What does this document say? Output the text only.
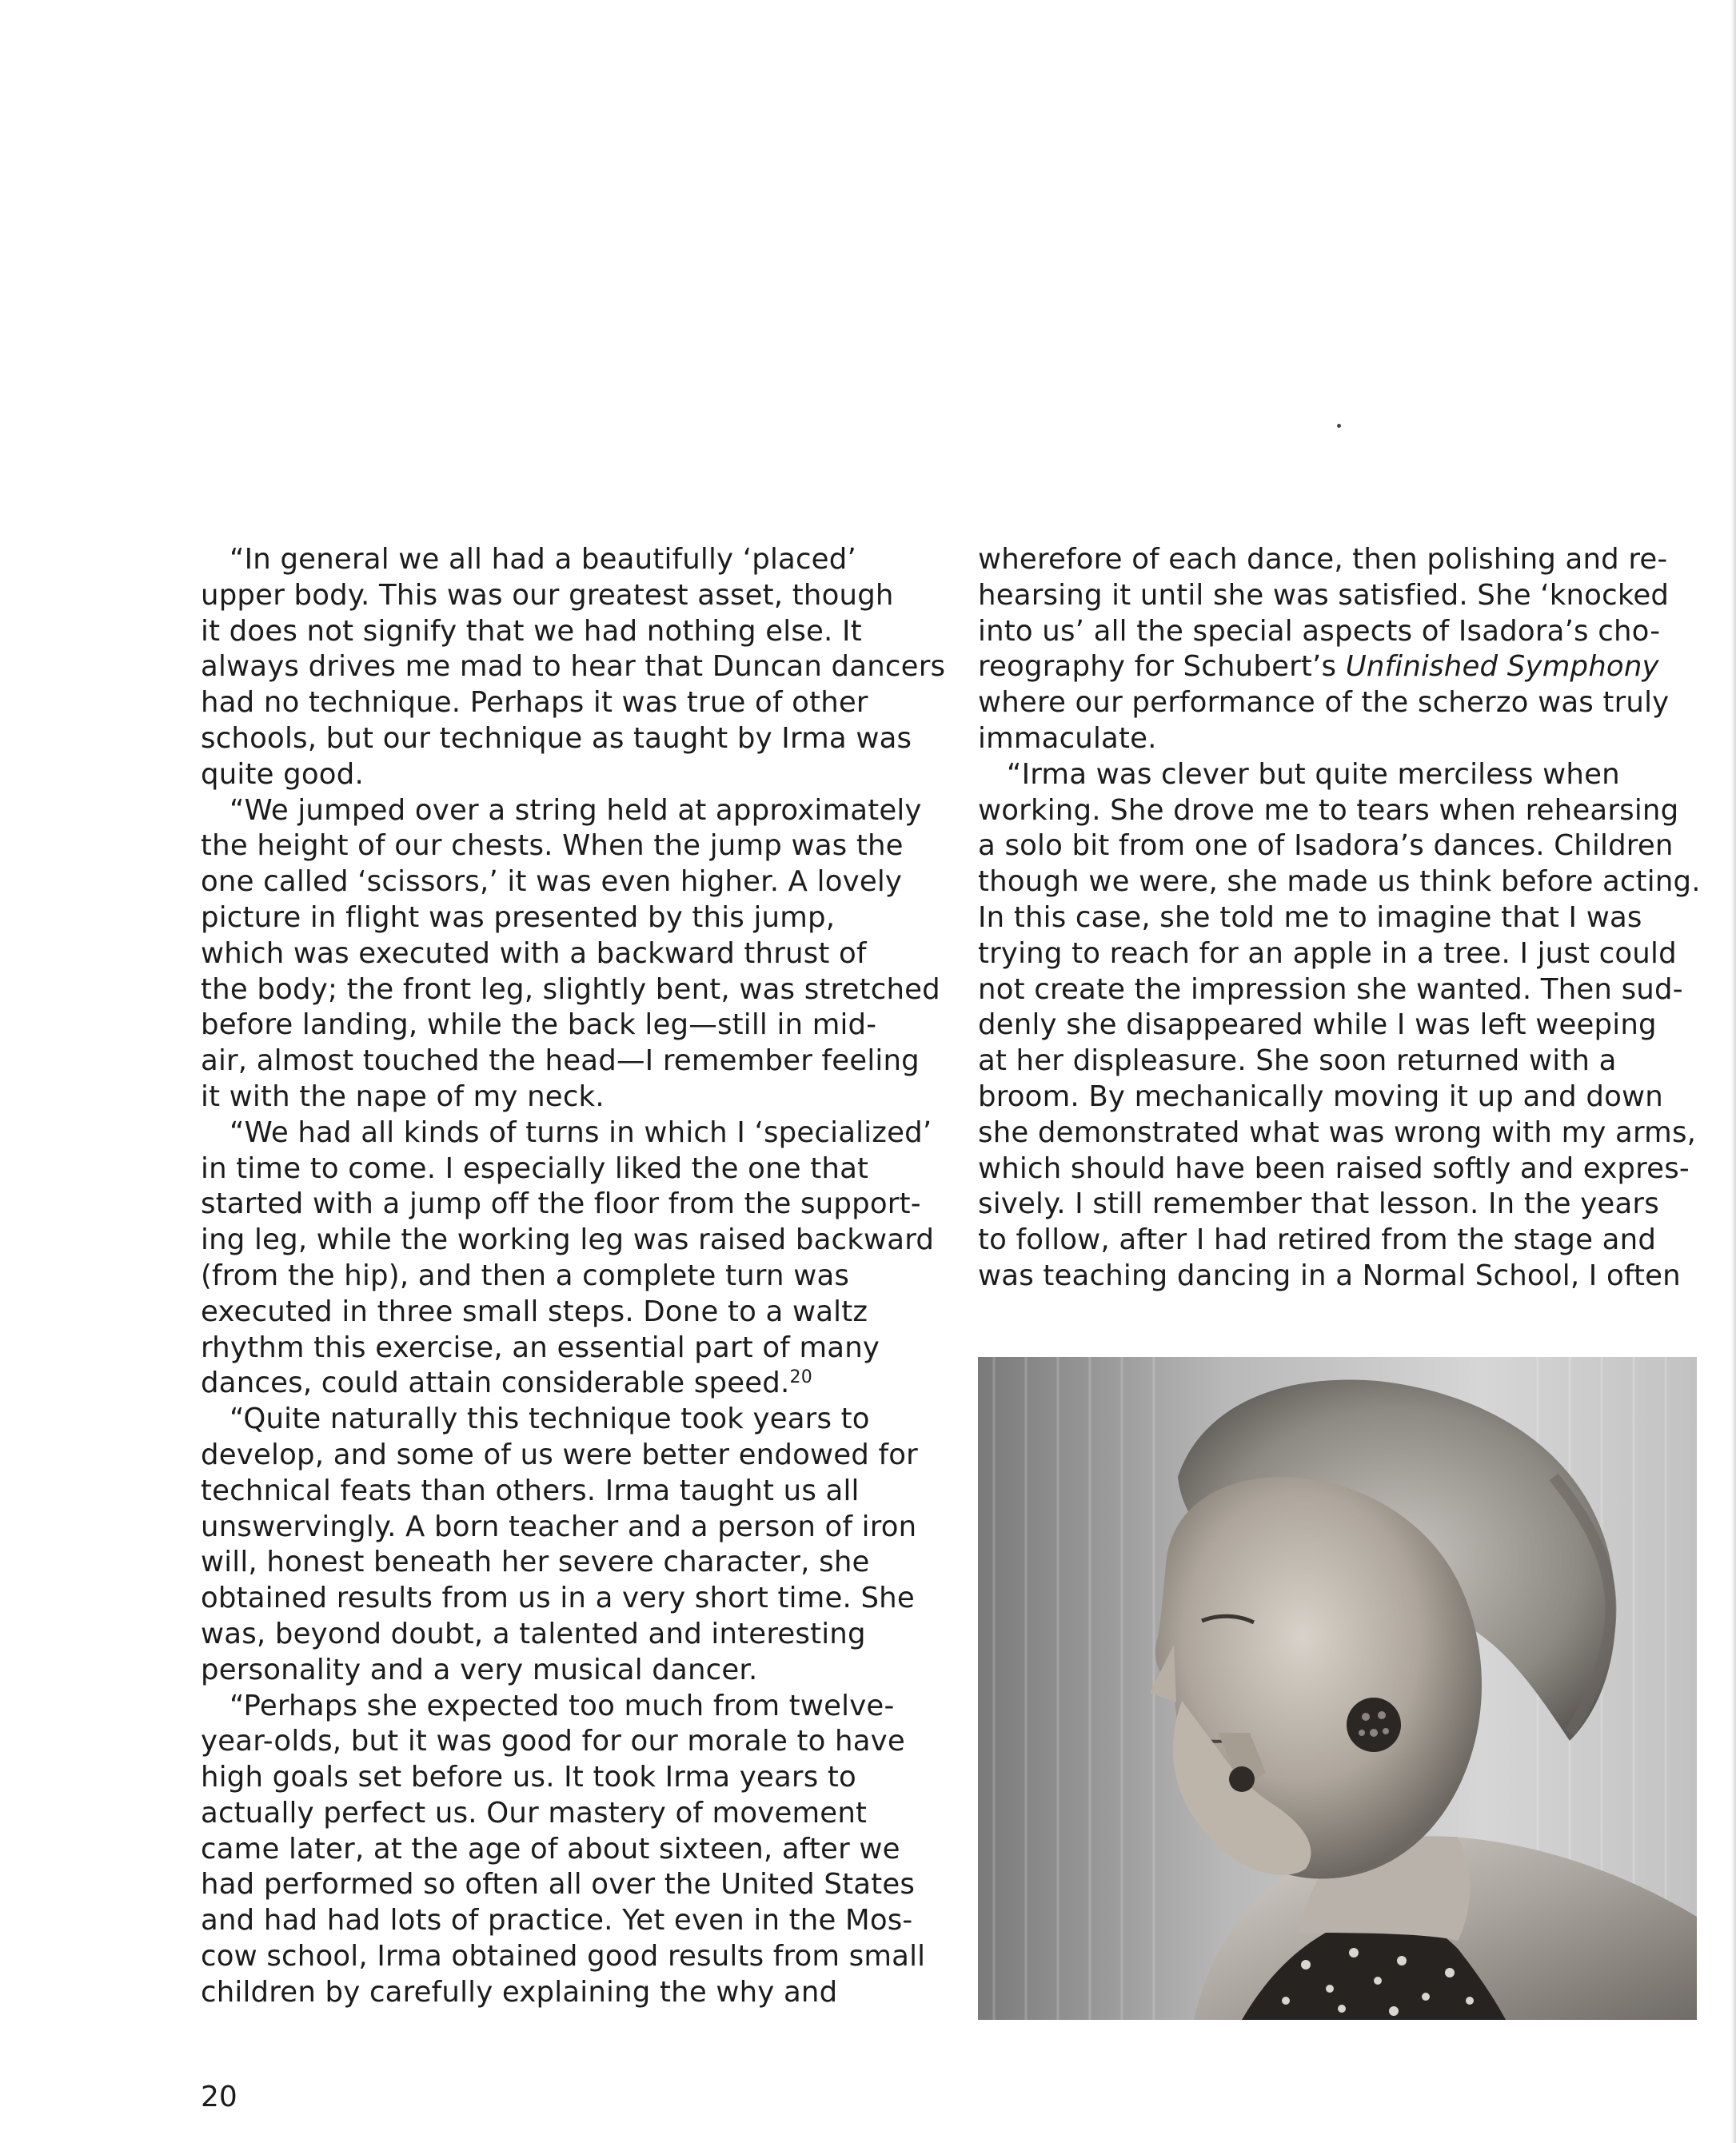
“In general we all had a beautifully ‘placed’
upper body. This was our greatest asset, though
it does not signify that we had nothing else. It
always drives me mad to hear that Duncan dancers
had no technique. Perhaps it was true of other
schools, but our technique as taught by Irma was
quite good.
“We jumped over a string held at approximately
the height of our chests. When the jump was the
one called ‘scissors,’ it was even higher. A lovely
picture in flight was presented by this jump,
which was executed with a backward thrust of
the body; the front leg, slightly bent, was stretched
before landing, while the back leg—still in mid-
air, almost touched the head—I remember feeling
it with the nape of my neck.
“We had all kinds of turns in which I ‘specialized’
in time to come. I especially liked the one that
started with a jump off the floor from the support-
ing leg, while the working leg was raised backward
(from the hip), and then a complete turn was
executed in three small steps. Done to a waltz
rhythm this exercise, an essential part of many
dances, could attain considerable speed.$^{20}$
“Quite naturally this technique took years to
develop, and some of us were better endowed for
technical feats than others. Irma taught us all
unswervingly. A born teacher and a person of iron
will, honest beneath her severe character, she
obtained results from us in a very short time. She
was, beyond doubt, a talented and interesting
personality and a very musical dancer.
“Perhaps she expected too much from twelve-
year-olds, but it was good for our morale to have
high goals set before us. It took Irma years to
actually perfect us. Our mastery of movement
came later, at the age of about sixteen, after we
had performed so often all over the United States
and had had lots of practice. Yet even in the Mos-
cow school, Irma obtained good results from small
children by carefully explaining the why and
wherefore of each dance, then polishing and re-
hearsing it until she was satisfied. She ‘knocked
into us’ all the special aspects of Isadora’s cho-
reography for Schubert’s Unfinished Symphony
where our performance of the scherzo was truly
immaculate.
“Irma was clever but quite merciless when
working. She drove me to tears when rehearsing
a solo bit from one of Isadora’s dances. Children
though we were, she made us think before acting.
In this case, she told me to imagine that I was
trying to reach for an apple in a tree. I just could
not create the impression she wanted. Then sud-
denly she disappeared while I was left weeping
at her displeasure. She soon returned with a
broom. By mechanically moving it up and down
she demonstrated what was wrong with my arms,
which should have been raised softly and expres-
sively. I still remember that lesson. In the years
to follow, after I had retired from the stage and
was teaching dancing in a Normal School, I often
20
